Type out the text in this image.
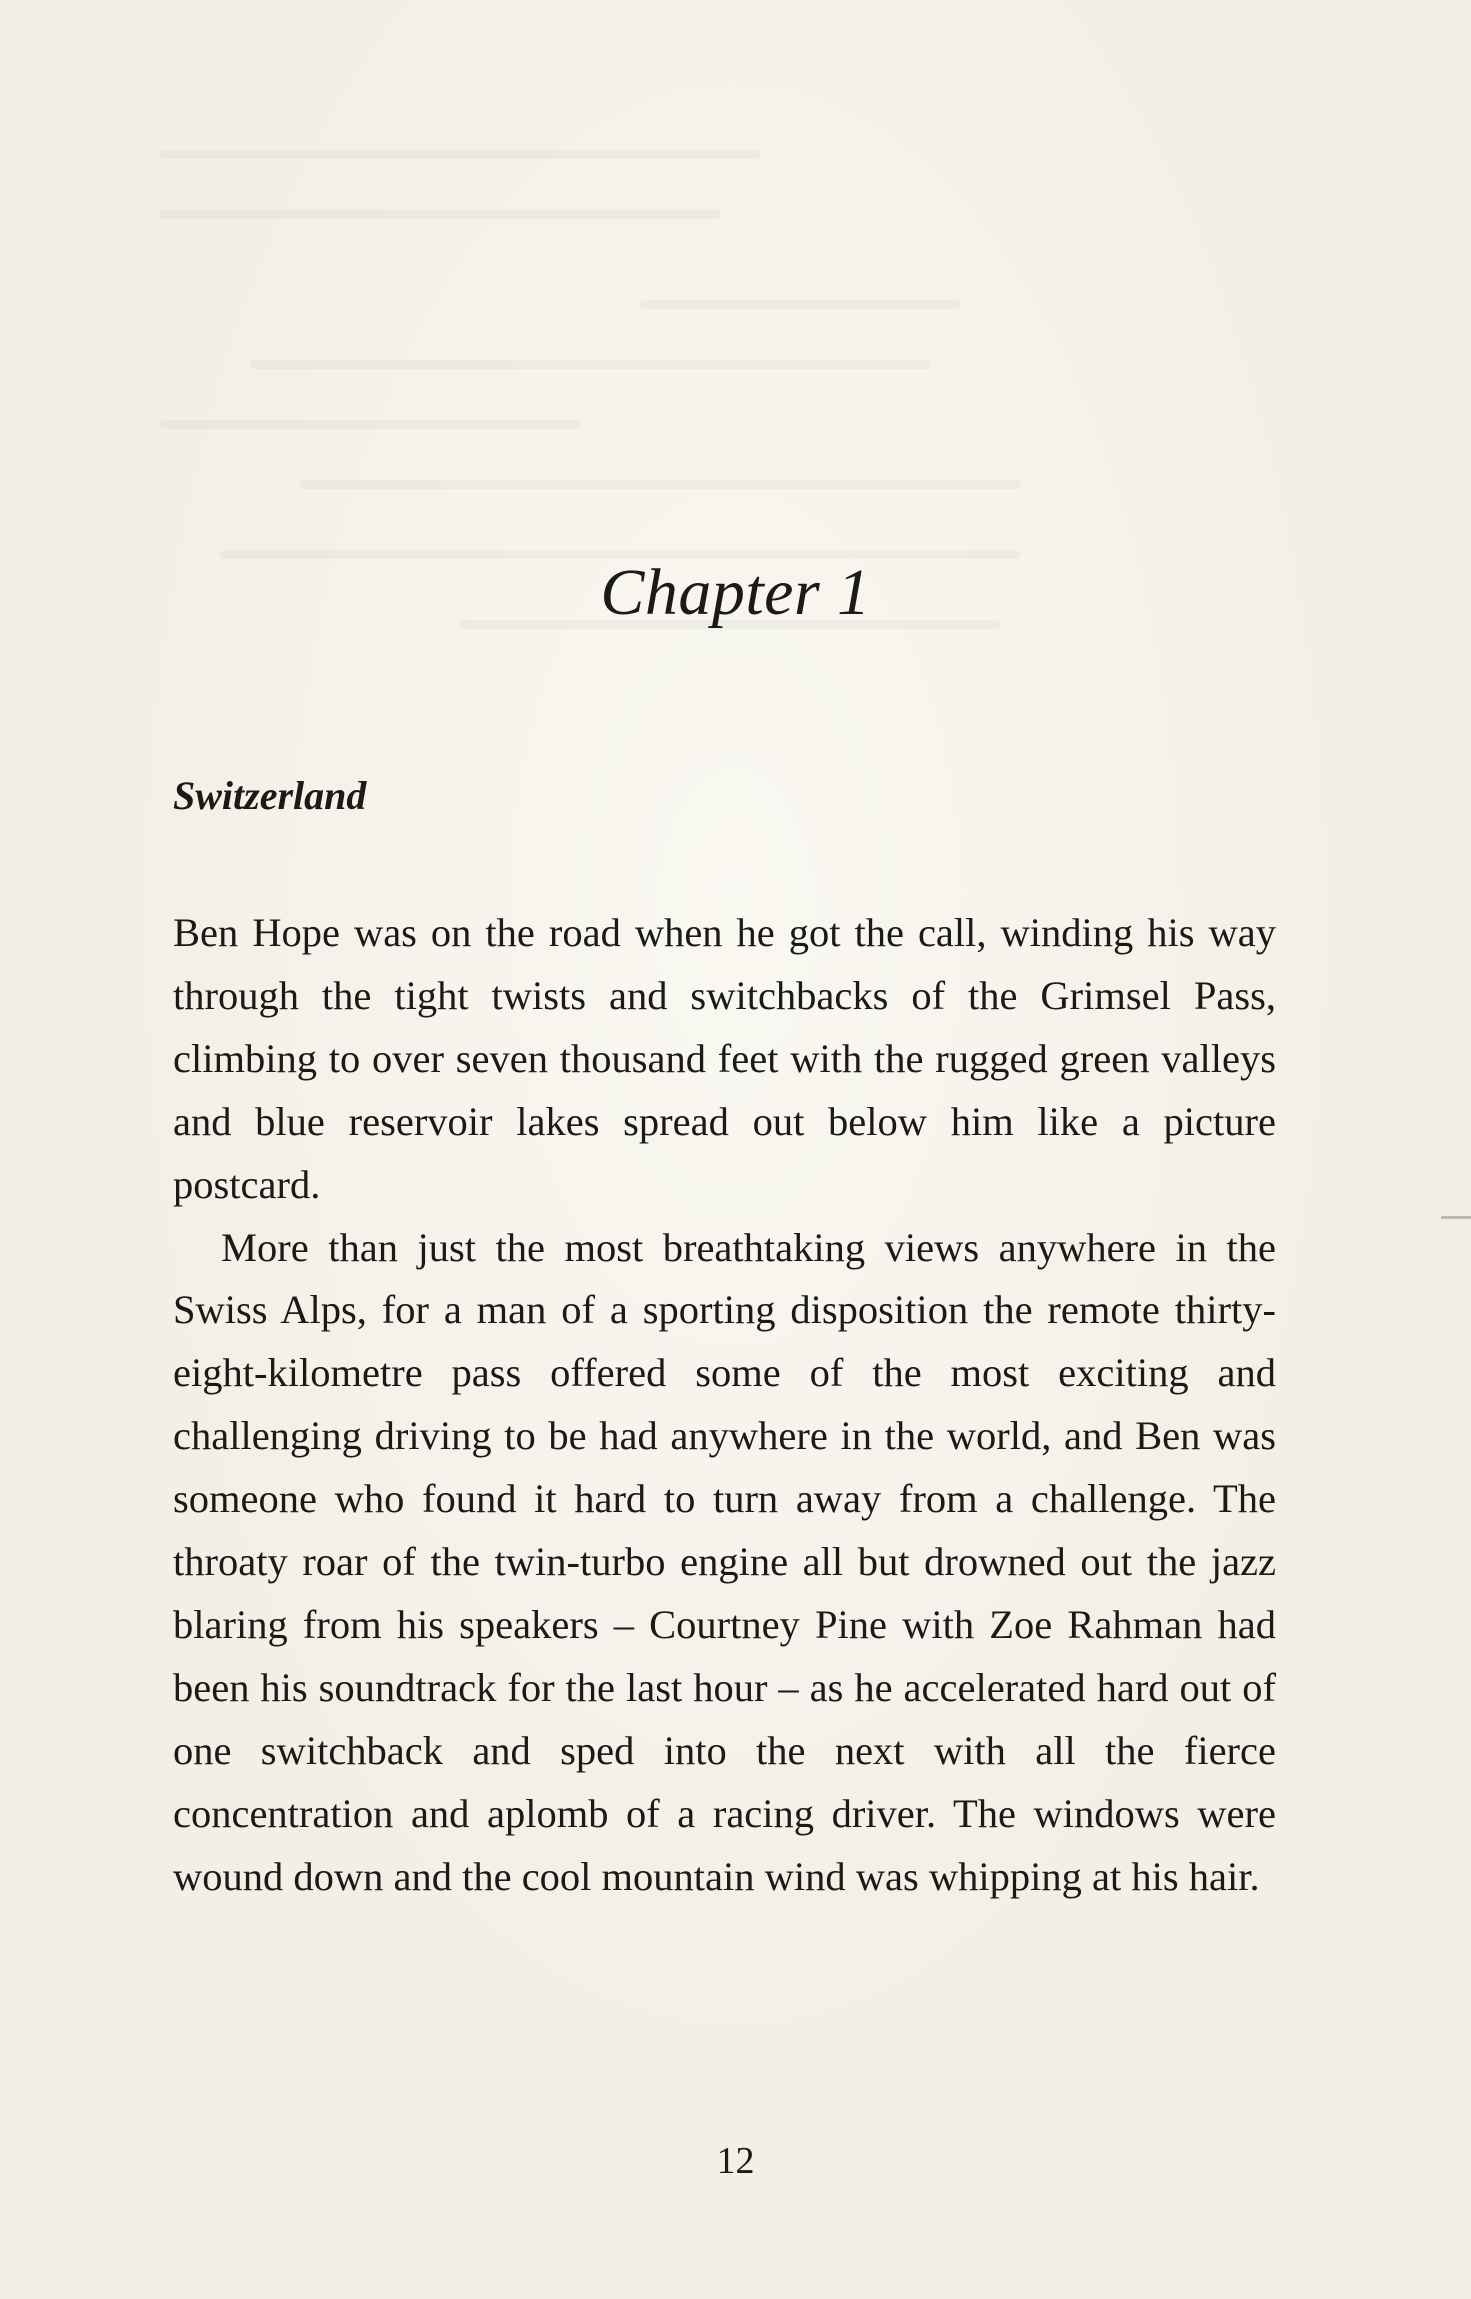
Chapter 1
Switzerland

Ben Hope was on the road when he got the call, winding his way through the tight twists and switchbacks of the Grimsel Pass, climbing to over seven thousand feet with the rugged green valleys and blue reservoir lakes spread out below him like a picture postcard.

More than just the most breathtaking views anywhere in the Swiss Alps, for a man of a sporting disposition the remote thirty-eight-kilometre pass offered some of the most exciting and challenging driving to be had anywhere in the world, and Ben was someone who found it hard to turn away from a challenge. The throaty roar of the twin-turbo engine all but drowned out the jazz blaring from his speakers – Courtney Pine with Zoe Rahman had been his soundtrack for the last hour – as he accelerated hard out of one switchback and sped into the next with all the fierce concentration and aplomb of a racing driver. The windows were wound down and the cool mountain wind was whipping at his hair.

12
